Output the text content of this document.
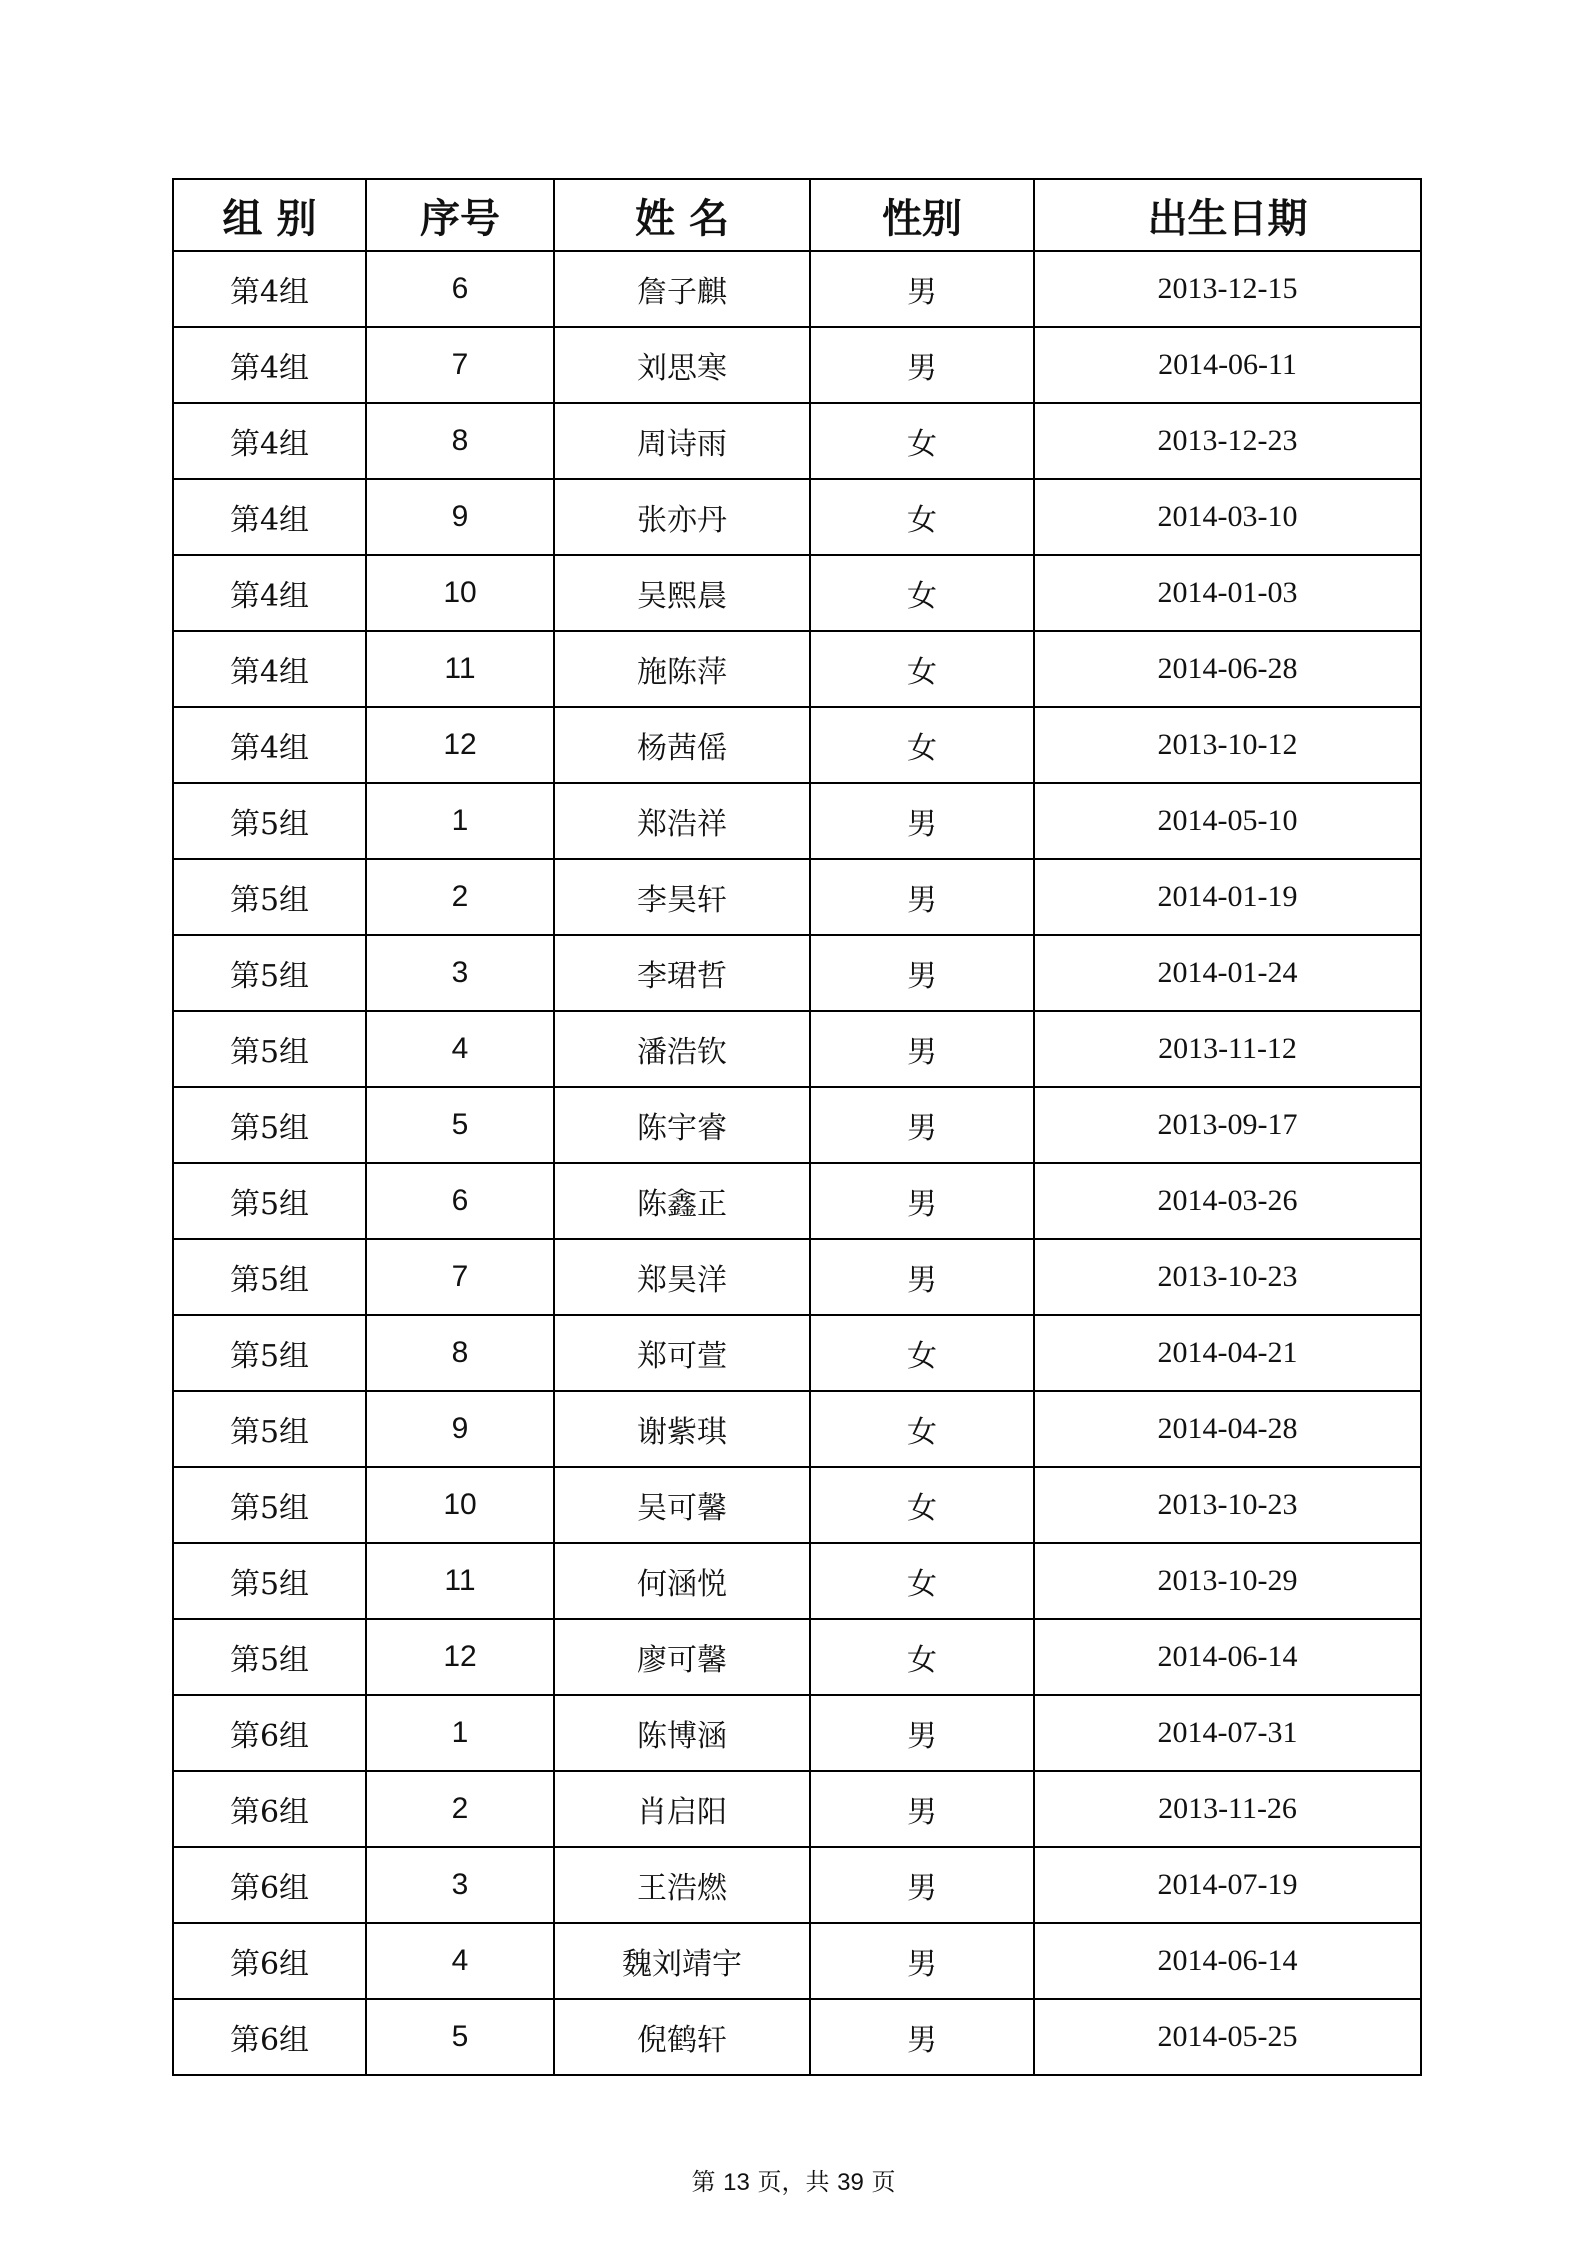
组 别	序号	姓 名	性别	出生日期
第4组	6	詹子麒	男	2013-12-15
第4组	7	刘思寒	男	2014-06-11
第4组	8	周诗雨	女	2013-12-23
第4组	9	张亦丹	女	2014-03-10
第4组	10	吴熙晨	女	2014-01-03
第4组	11	施陈萍	女	2014-06-28
第4组	12	杨茜傜	女	2013-10-12
第5组	1	郑浩祥	男	2014-05-10
第5组	2	李昊轩	男	2014-01-19
第5组	3	李珺哲	男	2014-01-24
第5组	4	潘浩钦	男	2013-11-12
第5组	5	陈宇睿	男	2013-09-17
第5组	6	陈鑫正	男	2014-03-26
第5组	7	郑昊洋	男	2013-10-23
第5组	8	郑可萱	女	2014-04-21
第5组	9	谢紫琪	女	2014-04-28
第5组	10	吴可馨	女	2013-10-23
第5组	11	何涵悦	女	2013-10-29
第5组	12	廖可馨	女	2014-06-14
第6组	1	陈博涵	男	2014-07-31
第6组	2	肖启阳	男	2013-11-26
第6组	3	王浩燃	男	2014-07-19
第6组	4	魏刘靖宇	男	2014-06-14
第6组	5	倪鹤轩	男	2014-05-25
第 13 页，共 39 页
